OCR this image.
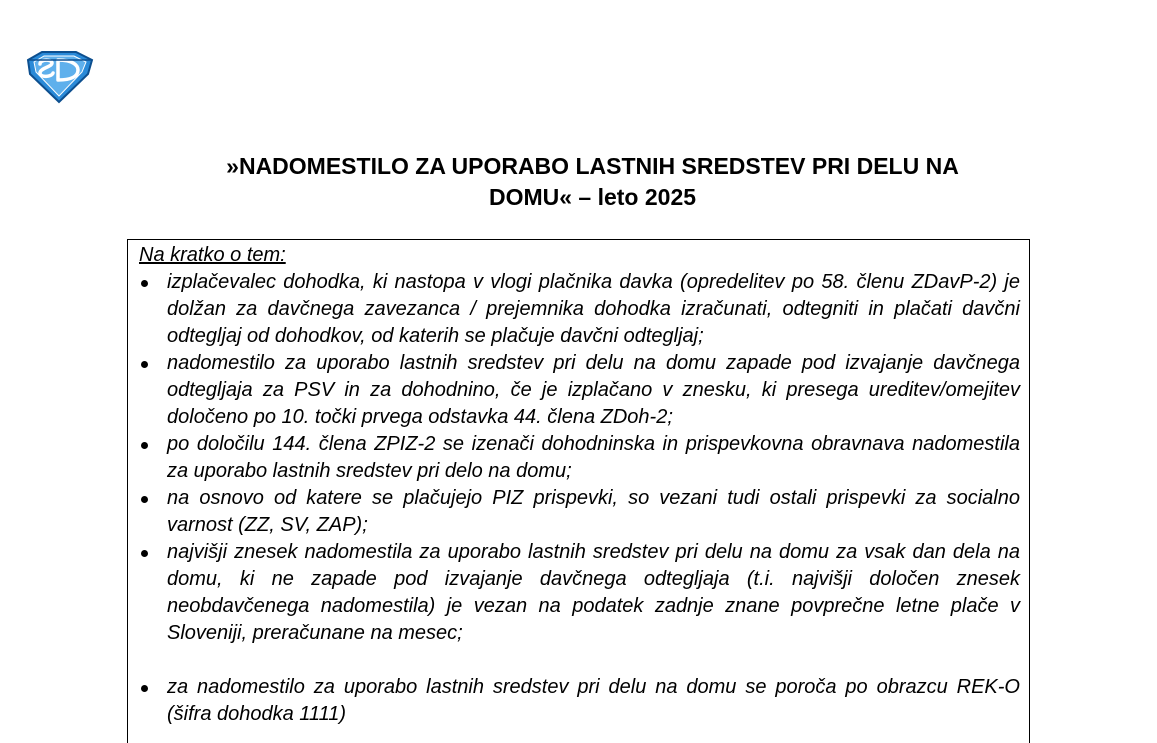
»NADOMESTILO ZA UPORABO LASTNIH SREDSTEV PRI DELU NA
DOMU« – leto 2025
Na kratko o tem:
izplačevalec dohodka, ki nastopa v vlogi plačnika davka (opredelitev po 58. členu ZDavP-2) je dolžan za davčnega zavezanca / prejemnika dohodka izračunati, odtegniti in plačati davčni odtegljaj od dohodkov, od katerih se plačuje davčni odtegljaj;
nadomestilo za uporabo lastnih sredstev pri delu na domu zapade pod izvajanje davčnega odtegljaja za PSV in za dohodnino, če je izplačano v znesku, ki presega ureditev/omejitev določeno po 10. točki prvega odstavka 44. člena ZDoh-2;
po določilu 144. člena ZPIZ-2 se izenači dohodninska in prispevkovna obravnava nadomestila za uporabo lastnih sredstev pri delo na domu;
na osnovo od katere se plačujejo PIZ prispevki, so vezani tudi ostali prispevki za socialno varnost (ZZ, SV, ZAP);
najvišji znesek nadomestila za uporabo lastnih sredstev pri delu na domu za vsak dan dela na domu, ki ne zapade pod izvajanje davčnega odtegljaja (t.i. najvišji določen znesek neobdavčenega nadomestila) je vezan na podatek zadnje znane povprečne letne plače v Sloveniji, preračunane na mesec;
za nadomestilo za uporabo lastnih sredstev pri delu na domu se poroča po obrazcu REK-O (šifra dohodka 1111)
